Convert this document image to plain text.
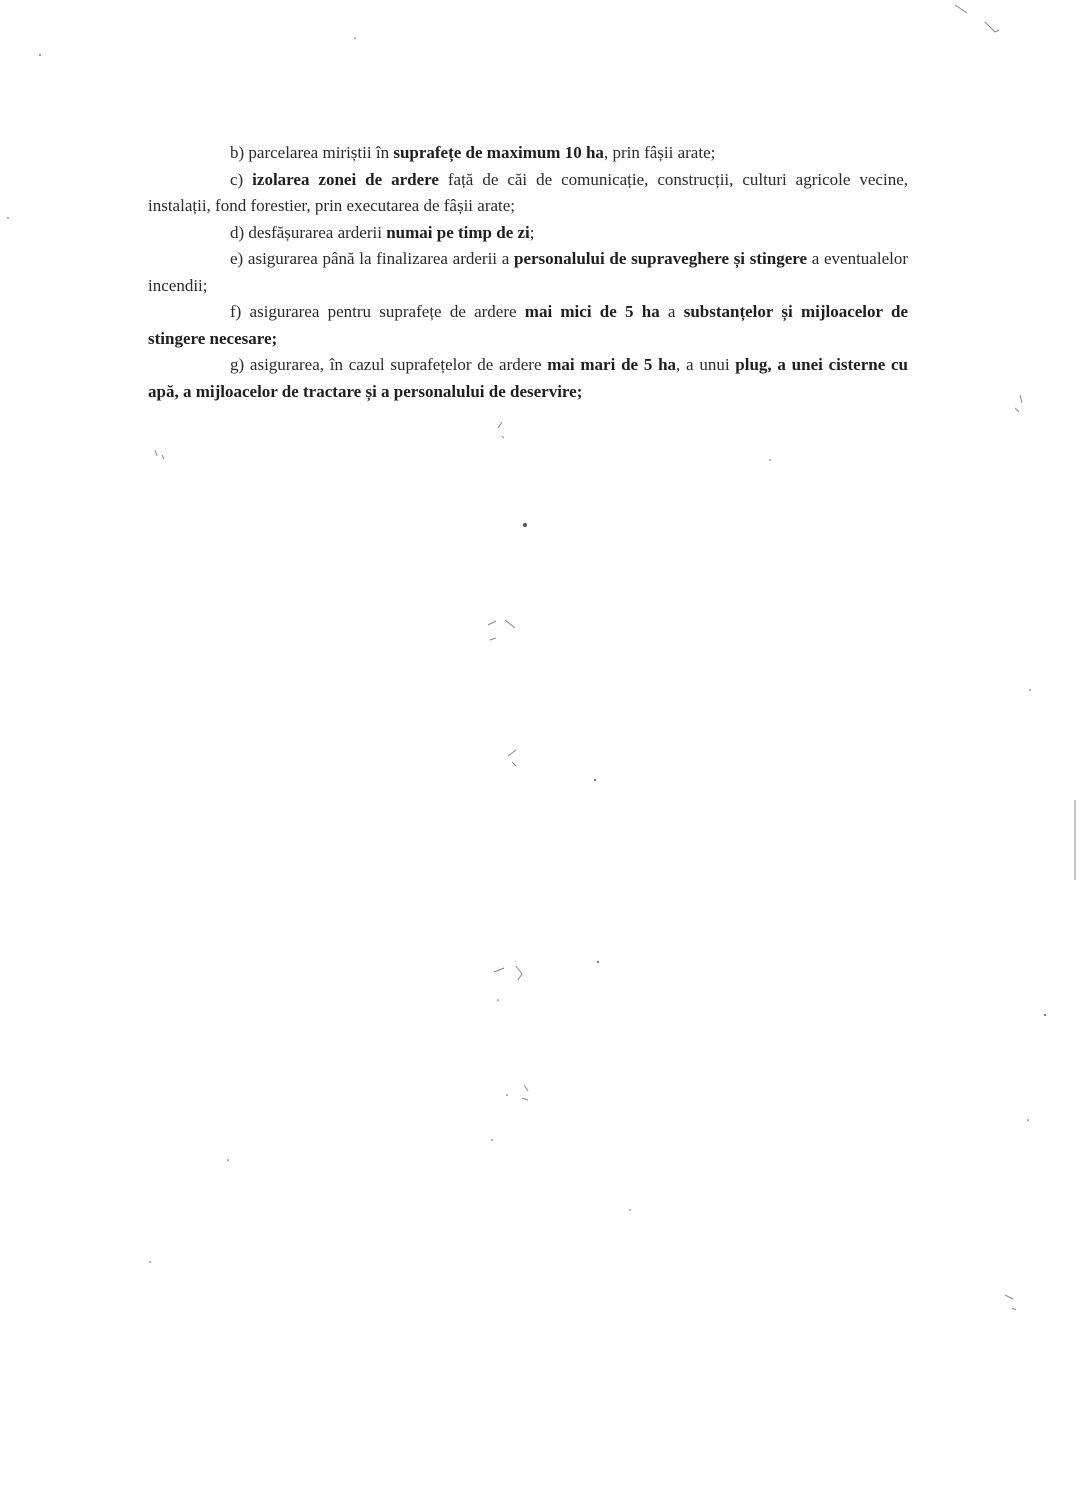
b) parcelarea miriștii în suprafețe de maximum 10 ha, prin fâșii arate;

c) izolarea zonei de ardere față de căi de comunicație, construcții, culturi agricole vecine, instalații, fond forestier, prin executarea de fâșii arate;

d) desfășurarea arderii numai pe timp de zi;

e) asigurarea până la finalizarea arderii a personalului de supraveghere și stingere a eventualelor incendii;

f) asigurarea pentru suprafețe de ardere mai mici de 5 ha a substanțelor și mijloacelor de stingere necesare;

g) asigurarea, în cazul suprafețelor de ardere mai mari de 5 ha, a unui plug, a unei cisterne cu apă, a mijloacelor de tractare și a personalului de deservire;
